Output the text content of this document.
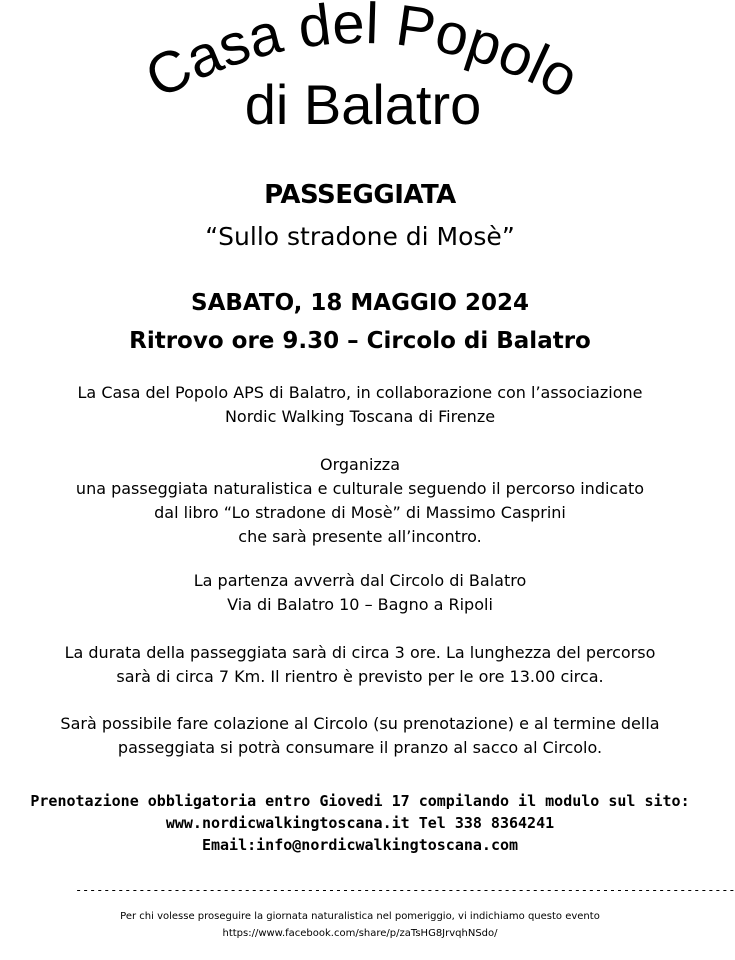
Casa del Popolo
di Balatro
PASSEGGIATA
“Sullo stradone di Mosè”
SABATO, 18 MAGGIO 2024
Ritrovo ore 9.30 – Circolo di Balatro
La Casa del Popolo APS di Balatro, in collaborazione con l’associazione
Nordic Walking Toscana di Firenze
Organizza
una passeggiata naturalistica e culturale seguendo il percorso indicato
dal libro “Lo stradone di Mosè” di Massimo Casprini
che sarà presente all’incontro.
La partenza avverrà dal Circolo di Balatro
Via di Balatro 10 – Bagno a Ripoli
La durata della passeggiata sarà di circa 3 ore. La lunghezza del percorso
sarà di circa 7 Km. Il rientro è previsto per le ore 13.00 circa.
Sarà possibile fare colazione al Circolo (su prenotazione) e al termine della
passeggiata si potrà consumare il pranzo al sacco al Circolo.
Prenotazione obbligatoria entro Giovedi 17 compilando il modulo sul sito:
www.nordicwalkingtoscana.it Tel 338 8364241
Email:info@nordicwalkingtoscana.com
----------------------------------------------------------------------------------------------
Per chi volesse proseguire la giornata naturalistica nel pomeriggio, vi indichiamo questo evento
https://www.facebook.com/share/p/zaTsHG8JrvqhNSdo/
